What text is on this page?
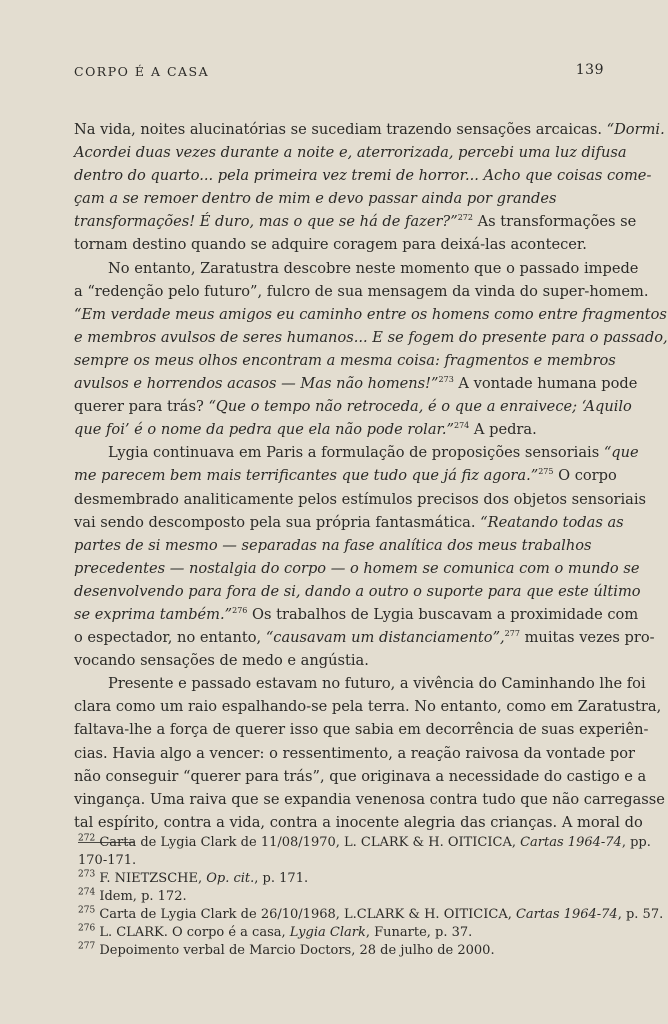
CORPO É A CASA	139
Na vida, noites alucinatórias se sucediam trazendo sensações arcaicas. “Dormi.
Acordei duas vezes durante a noite e, aterrorizada, percebi uma luz difusa
dentro do quarto... pela primeira vez tremi de horror... Acho que coisas come-
çam a se remoer dentro de mim e devo passar ainda por grandes
transformações! É duro, mas o que se há de fazer?”$^{272}$ As transformações se
tornam destino quando se adquire coragem para deixá-las acontecer.
No entanto, Zaratustra descobre neste momento que o passado impede
a “redenção pelo futuro”, fulcro de sua mensagem da vinda do super-homem.
“Em verdade meus amigos eu caminho entre os homens como entre fragmentos
e membros avulsos de seres humanos... E se fogem do presente para o passado,
sempre os meus olhos encontram a mesma coisa: fragmentos e membros
avulsos e horrendos acasos — Mas não homens!”$^{273}$ A vontade humana pode
querer para trás? “Que o tempo não retroceda, é o que a enraivece; ‘Aquilo
que foi’ é o nome da pedra que ela não pode rolar.”$^{274}$ A pedra.
Lygia continuava em Paris a formulação de proposições sensoriais “que
me parecem bem mais terrificantes que tudo que já fiz agora.”$^{275}$ O corpo
desmembrado analiticamente pelos estímulos precisos dos objetos sensoriais
vai sendo descomposto pela sua própria fantasmática. “Reatando todas as
partes de si mesmo — separadas na fase analítica dos meus trabalhos
precedentes — nostalgia do corpo — o homem se comunica com o mundo se
desenvolvendo para fora de si, dando a outro o suporte para que este último
se exprima também.”$^{276}$ Os trabalhos de Lygia buscavam a proximidade com
o espectador, no entanto, “causavam um distanciamento”,$^{277}$ muitas vezes pro-
vocando sensações de medo e angústia.
Presente e passado estavam no futuro, a vivência do Caminhando lhe foi
clara como um raio espalhando-se pela terra. No entanto, como em Zaratustra,
faltava-lhe a força de querer isso que sabia em decorrência de suas experiên-
cias. Havia algo a vencer: o ressentimento, a reação raivosa da vontade por
não conseguir “querer para trás”, que originava a necessidade do castigo e a
vingança. Uma raiva que se expandia venenosa contra tudo que não carregasse
tal espírito, contra a vida, contra a inocente alegria das crianças. A moral do
$^{272}$ Carta de Lygia Clark de 11/08/1970, L. CLARK & H. OITICICA, Cartas 1964-74, pp.
170-171.
$^{273}$ F. NIETZSCHE, Op. cit., p. 171.
$^{274}$ Idem, p. 172.
$^{275}$ Carta de Lygia Clark de 26/10/1968, L.CLARK & H. OITICICA, Cartas 1964-74, p. 57.
$^{276}$ L. CLARK. O corpo é a casa, Lygia Clark, Funarte, p. 37.
$^{277}$ Depoimento verbal de Marcio Doctors, 28 de julho de 2000.
